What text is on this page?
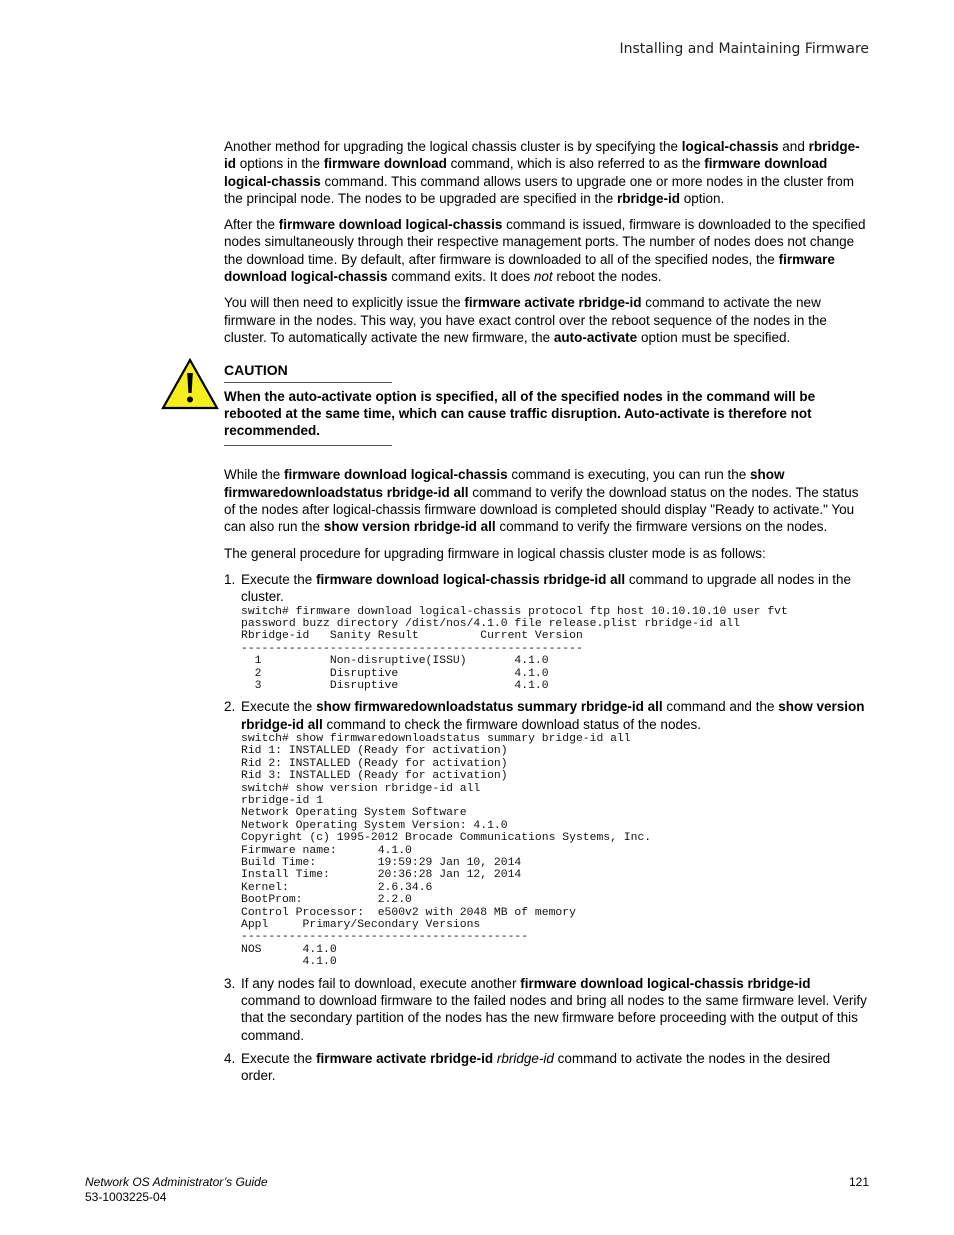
Installing and Maintaining Firmware

Another method for upgrading the logical chassis cluster is by specifying the logical-chassis and rbridge-id options in the firmware download command, which is also referred to as the firmware download logical-chassis command. This command allows users to upgrade one or more nodes in the cluster from the principal node. The nodes to be upgraded are specified in the rbridge-id option.

After the firmware download logical-chassis command is issued, firmware is downloaded to the specified nodes simultaneously through their respective management ports. The number of nodes does not change the download time. By default, after firmware is downloaded to all of the specified nodes, the firmware download logical-chassis command exits. It does not reboot the nodes.

You will then need to explicitly issue the firmware activate rbridge-id command to activate the new firmware in the nodes. This way, you have exact control over the reboot sequence of the nodes in the cluster. To automatically activate the new firmware, the auto-activate option must be specified.

CAUTION
When the auto-activate option is specified, all of the specified nodes in the command will be rebooted at the same time, which can cause traffic disruption. Auto-activate is therefore not recommended.

While the firmware download logical-chassis command is executing, you can run the show firmwaredownloadstatus rbridge-id all command to verify the download status on the nodes. The status of the nodes after logical-chassis firmware download is completed should display "Ready to activate." You can also run the show version rbridge-id all command to verify the firmware versions on the nodes.

The general procedure for upgrading firmware in logical chassis cluster mode is as follows:

1. Execute the firmware download logical-chassis rbridge-id all command to upgrade all nodes in the cluster.
switch# firmware download logical-chassis protocol ftp host 10.10.10.10 user fvt
password buzz directory /dist/nos/4.1.0 file release.plist rbridge-id all
Rbridge-id   Sanity Result         Current Version
--------------------------------------------------
1          Non-disruptive(ISSU)       4.1.0
2          Disruptive                 4.1.0
3          Disruptive                 4.1.0
2. Execute the show firmwaredownloadstatus summary rbridge-id all command and the show version rbridge-id all command to check the firmware download status of the nodes.
switch# show firmwaredownloadstatus summary bridge-id all
Rid 1: INSTALLED (Ready for activation)
Rid 2: INSTALLED (Ready for activation)
Rid 3: INSTALLED (Ready for activation)
switch# show version rbridge-id all
rbridge-id 1
Network Operating System Software
Network Operating System Version: 4.1.0
Copyright (c) 1995-2012 Brocade Communications Systems, Inc.
Firmware name:      4.1.0
Build Time:         19:59:29 Jan 10, 2014
Install Time:       20:36:28 Jan 12, 2014
Kernel:             2.6.34.6
BootProm:           2.2.0
Control Processor:  e500v2 with 2048 MB of memory
Appl     Primary/Secondary Versions
------------------------------------------
NOS      4.1.0
4.1.0
3. If any nodes fail to download, execute another firmware download logical-chassis rbridge-id command to download firmware to the failed nodes and bring all nodes to the same firmware level. Verify that the secondary partition of the nodes has the new firmware before proceeding with the output of this command.
4. Execute the firmware activate rbridge-id rbridge-id command to activate the nodes in the desired order.
Network OS Administrator’s Guide
53-1003225-04
121
